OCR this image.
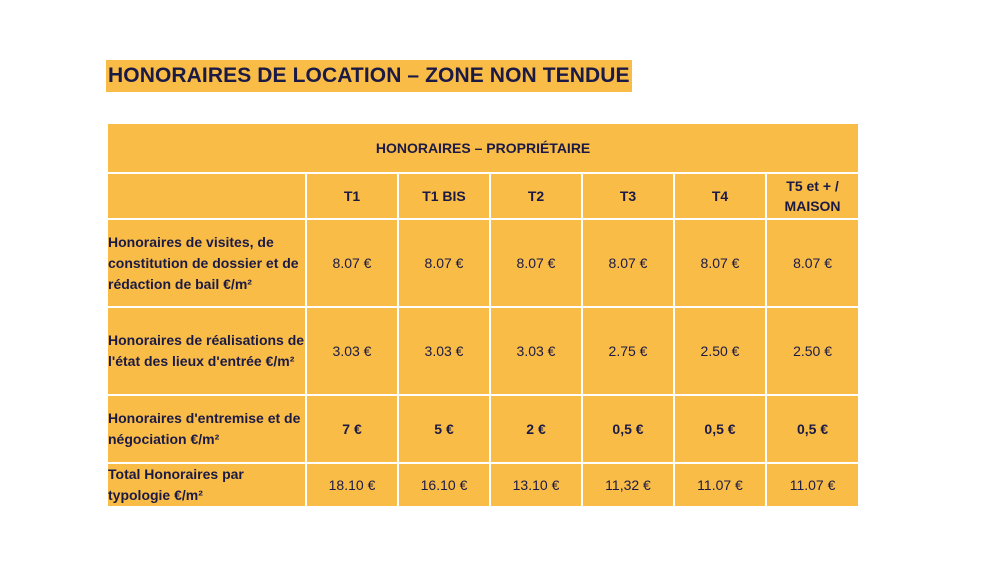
HONORAIRES DE LOCATION – ZONE NON TENDUE
HONORAIRES – PROPRIÉTAIRE						
	T1	T1 BIS	T2	T3	T4	T5 et + / MAISON
Honoraires de visites, de constitution de dossier et de rédaction de bail €/m²	8.07 €	8.07 €	8.07 €	8.07 €	8.07 €	8.07 €
Honoraires de réalisations de l'état des lieux d'entrée €/m²	3.03 €	3.03 €	3.03 €	2.75 €	2.50 €	2.50 €
Honoraires d'entremise et de négociation €/m²	7 €	5 €	2 €	0,5 €	0,5 €	0,5 €
Total Honoraires par typologie €/m²	18.10 €	16.10 €	13.10 €	11,32 €	11.07 €	11.07 €
